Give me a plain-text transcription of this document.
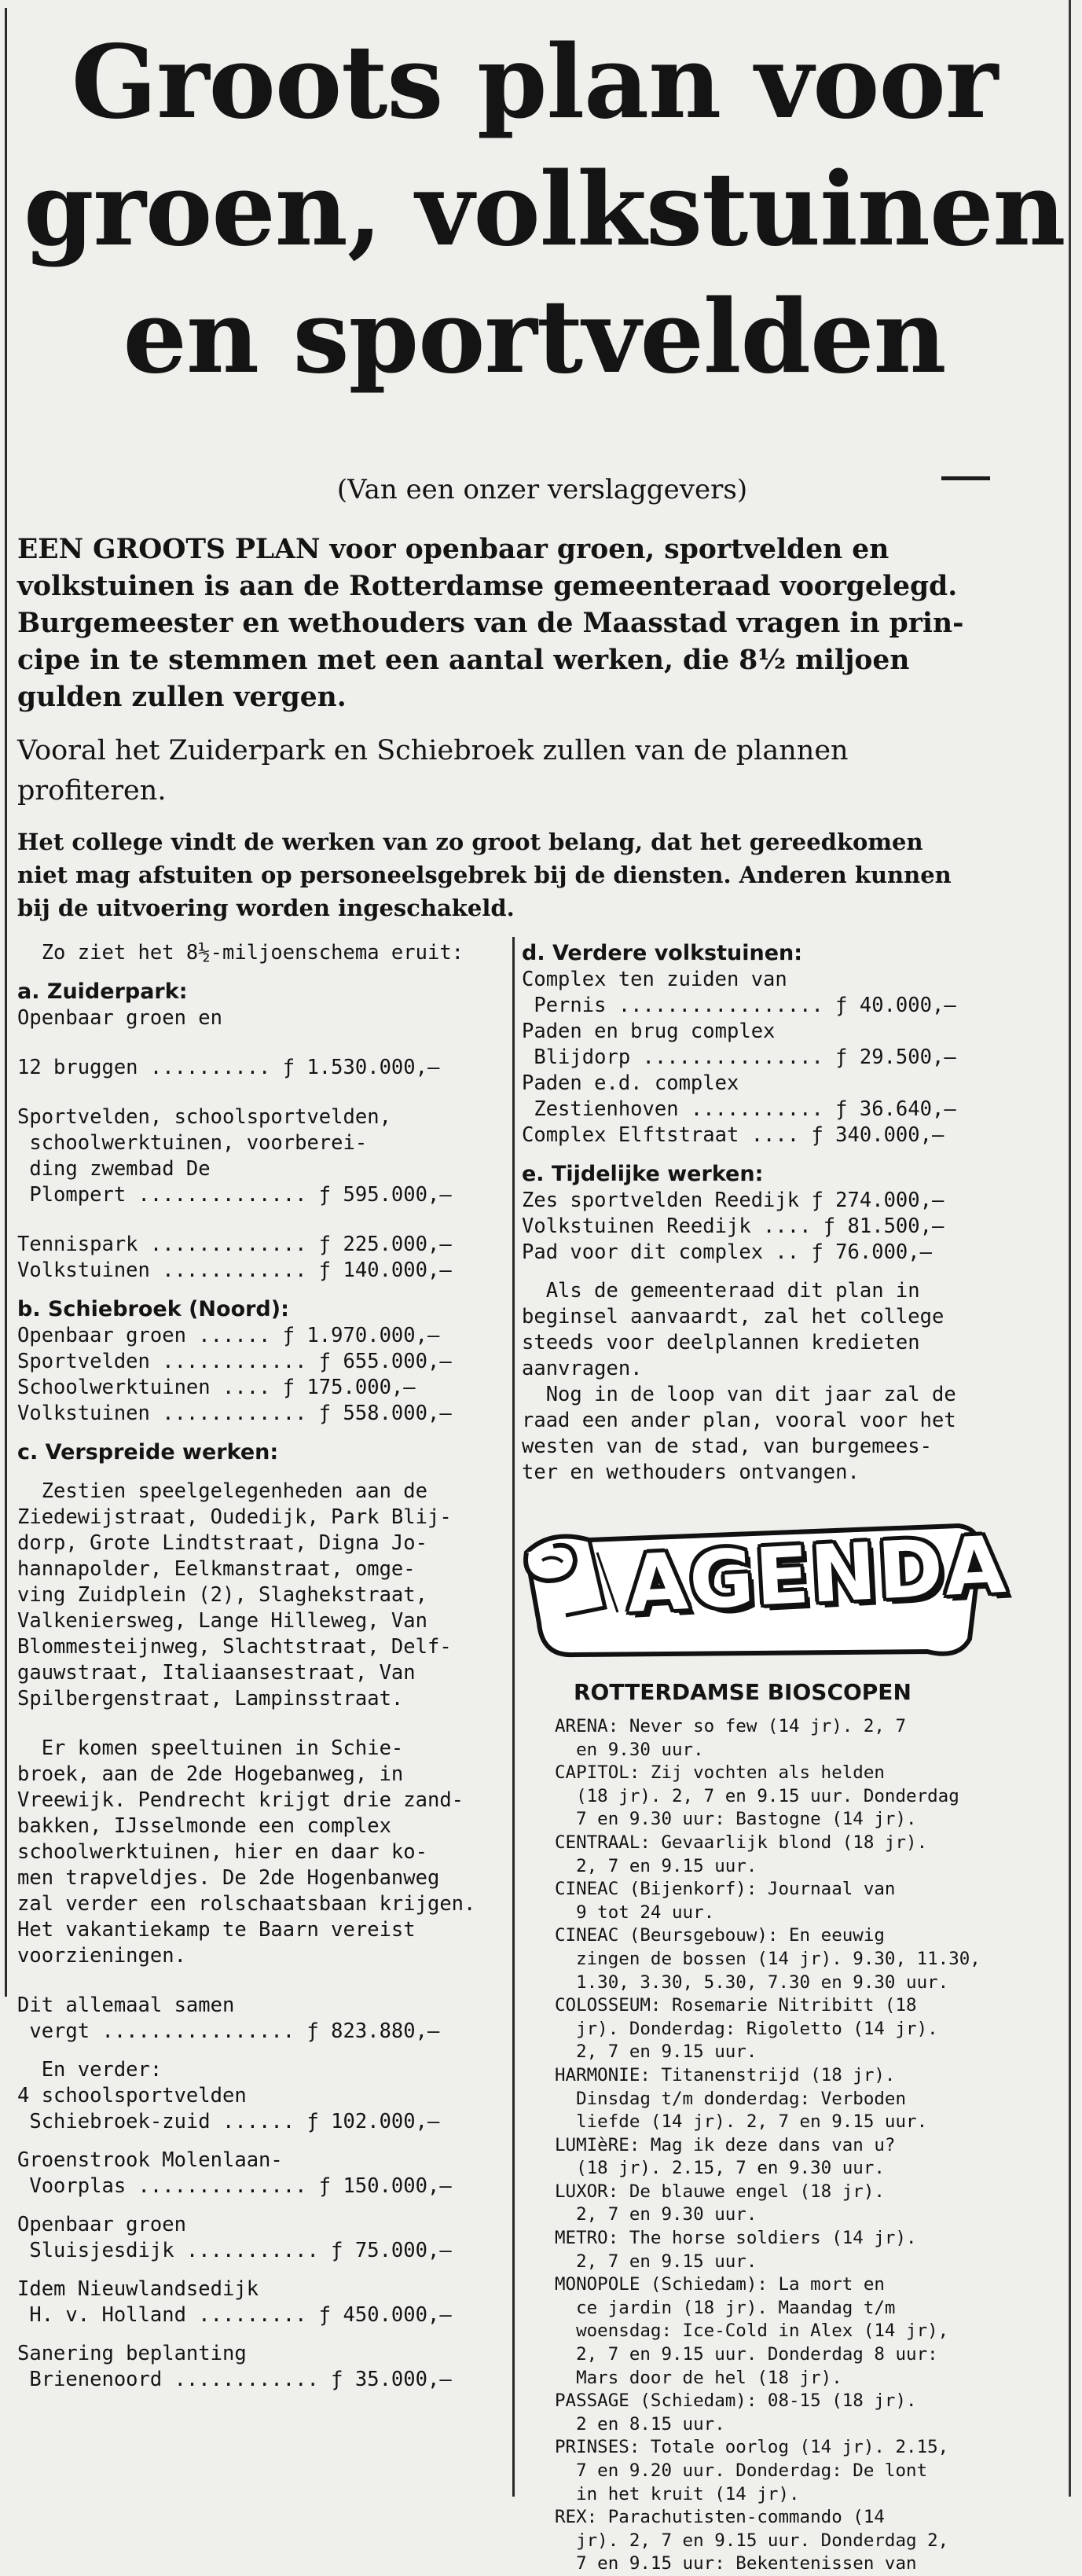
Groots plan voor
groen, volkstuinen
en sportvelden
(Van een onzer verslaggevers)

EEN GROOTS PLAN voor openbaar groen, sportvelden en

volkstuinen is aan de Rotterdamse gemeenteraad voorgelegd.

Burgemeester en wethouders van de Maasstad vragen in prin-

cipe in te stemmen met een aantal werken, die 8½ miljoen

gulden zullen vergen.

Vooral het Zuiderpark en Schiebroek zullen van de plannen

profiteren.

Het college vindt de werken van zo groot belang, dat het gereedkomen

niet mag afstuiten op personeelsgebrek bij de diensten. Anderen kunnen

bij de uitvoering worden ingeschakeld.

Zo ziet het 8½-miljoenschema eruit:
a. Zuiderpark:
Openbaar groen en
12 bruggen .......... ƒ 1.530.000,—
Sportvelden, schoolsportvelden,
schoolwerktuinen, voorberei-
ding zwembad De
Plompert .............. ƒ 595.000,—
Tennispark ............. ƒ 225.000,—
Volkstuinen ............ ƒ 140.000,—
b. Schiebroek (Noord):
Openbaar groen ...... ƒ 1.970.000,—
Sportvelden ............ ƒ 655.000,—
Schoolwerktuinen .... ƒ 175.000,—
Volkstuinen ............ ƒ 558.000,—
c. Verspreide werken:
Zestien speelgelegenheden aan de
Ziedewijstraat, Oudedijk, Park Blij-
dorp, Grote Lindtstraat, Digna Jo-
hannapolder, Eelkmanstraat, omge-
ving Zuidplein (2), Slaghekstraat,
Valkeniersweg, Lange Hilleweg, Van
Blommesteijnweg, Slachtstraat, Delf-
gauwstraat, Italiaansestraat, Van
Spilbergenstraat, Lampinsstraat.
Er komen speeltuinen in Schie-
broek, aan de 2de Hogebanweg, in
Vreewijk. Pendrecht krijgt drie zand-
bakken, IJsselmonde een complex
schoolwerktuinen, hier en daar ko-
men trapveldjes. De 2de Hogenbanweg
zal verder een rolschaatsbaan krijgen.
Het vakantiekamp te Baarn vereist
voorzieningen.
Dit allemaal samen
vergt ................ ƒ 823.880,—
En verder:
4 schoolsportvelden
Schiebroek-zuid ...... ƒ 102.000,—
Groenstrook Molenlaan-
Voorplas .............. ƒ 150.000,—
Openbaar groen
Sluisjesdijk ........... ƒ 75.000,—
Idem Nieuwlandsedijk
H. v. Holland ......... ƒ 450.000,—
Sanering beplanting
Brienenoord ............ ƒ 35.000,—
d. Verdere volkstuinen:
Complex ten zuiden van
Pernis ................. ƒ 40.000,—
Paden en brug complex
Blijdorp ............... ƒ 29.500,—
Paden e.d. complex
Zestienhoven ........... ƒ 36.640,—
Complex Elftstraat .... ƒ 340.000,—
e. Tijdelijke werken:
Zes sportvelden Reedijk ƒ 274.000,—
Volkstuinen Reedijk .... ƒ 81.500,—
Pad voor dit complex .. ƒ 76.000,—
Als de gemeenteraad dit plan in
beginsel aanvaardt, zal het college
steeds voor deelplannen kredieten
aanvragen.
Nog in de loop van dit jaar zal de
raad een ander plan, vooral voor het
westen van de stad, van burgemees-
ter en wethouders ontvangen.
AGENDA
ROTTERDAMSE BIOSCOPEN
ARENA: Never so few (14 jr). 2, 7
en 9.30 uur.
CAPITOL: Zij vochten als helden
(18 jr). 2, 7 en 9.15 uur. Donderdag
7 en 9.30 uur: Bastogne (14 jr).
CENTRAAL: Gevaarlijk blond (18 jr).
2, 7 en 9.15 uur.
CINEAC (Bijenkorf): Journaal van
9 tot 24 uur.
CINEAC (Beursgebouw): En eeuwig
zingen de bossen (14 jr). 9.30, 11.30,
1.30, 3.30, 5.30, 7.30 en 9.30 uur.
COLOSSEUM: Rosemarie Nitribitt (18
jr). Donderdag: Rigoletto (14 jr).
2, 7 en 9.15 uur.
HARMONIE: Titanenstrijd (18 jr).
Dinsdag t/m donderdag: Verboden
liefde (14 jr). 2, 7 en 9.15 uur.
LUMIèRE: Mag ik deze dans van u?
(18 jr). 2.15, 7 en 9.30 uur.
LUXOR: De blauwe engel (18 jr).
2, 7 en 9.30 uur.
METRO: The horse soldiers (14 jr).
2, 7 en 9.15 uur.
MONOPOLE (Schiedam): La mort en
ce jardin (18 jr). Maandag t/m
woensdag: Ice-Cold in Alex (14 jr),
2, 7 en 9.15 uur. Donderdag 8 uur:
Mars door de hel (18 jr).
PASSAGE (Schiedam): 08-15 (18 jr).
2 en 8.15 uur.
PRINSES: Totale oorlog (14 jr). 2.15,
7 en 9.20 uur. Donderdag: De lont
in het kruit (14 jr).
REX: Parachutisten-commando (14
jr). 2, 7 en 9.15 uur. Donderdag 2,
7 en 9.15 uur: Bekentenissen van
